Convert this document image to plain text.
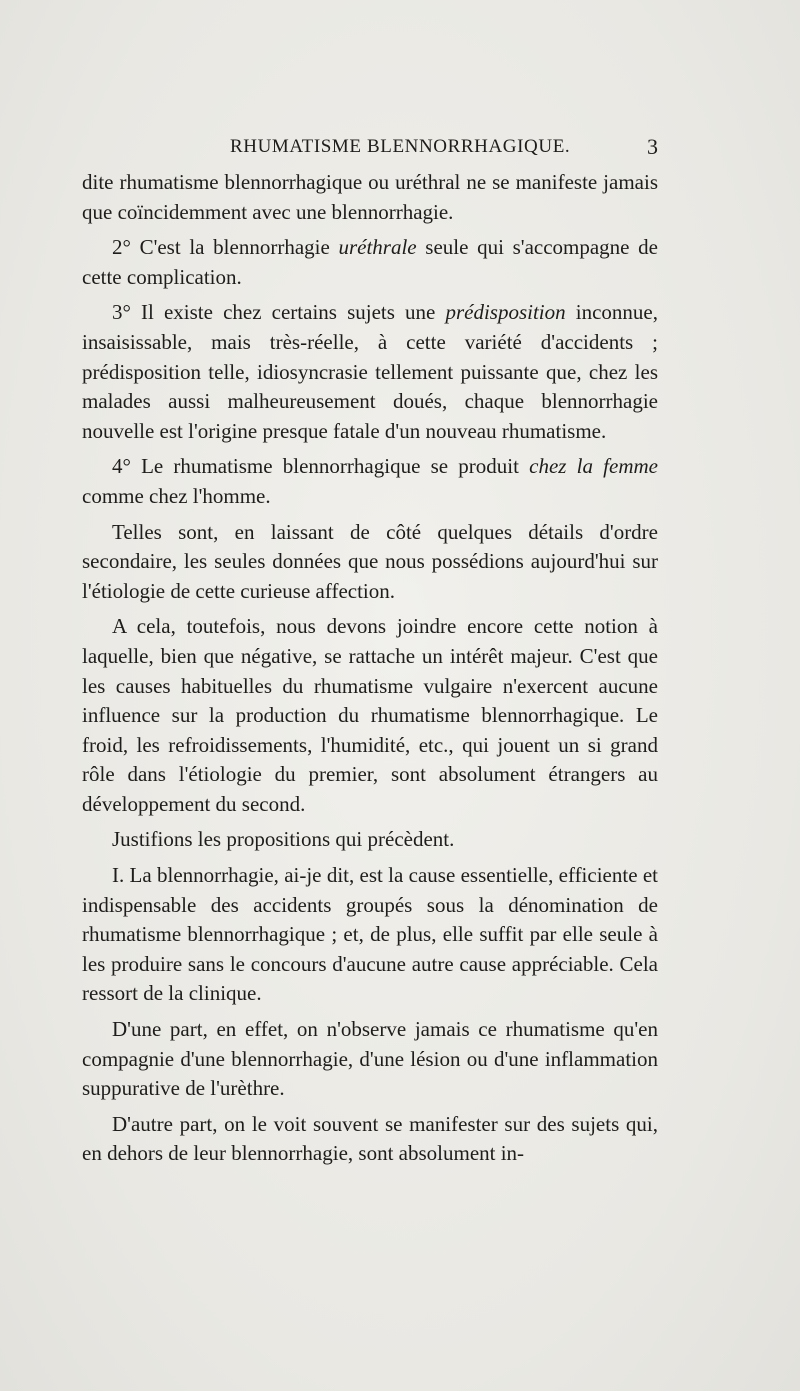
RHUMATISME BLENNORRHAGIQUE.	3

dite rhumatisme blennorrhagique ou uréthral ne se manifeste jamais que coïncidemment avec une blennorrhagie.

2° C'est la blennorrhagie uréthrale seule qui s'accompagne de cette complication.

3° Il existe chez certains sujets une prédisposition inconnue, insaisissable, mais très-réelle, à cette variété d'accidents ; prédisposition telle, idiosyncrasie tellement puissante que, chez les malades aussi malheureusement doués, chaque blennorrhagie nouvelle est l'origine presque fatale d'un nouveau rhumatisme.

4° Le rhumatisme blennorrhagique se produit chez la femme comme chez l'homme.

Telles sont, en laissant de côté quelques détails d'ordre secondaire, les seules données que nous possédions aujourd'hui sur l'étiologie de cette curieuse affection.

A cela, toutefois, nous devons joindre encore cette notion à laquelle, bien que négative, se rattache un intérêt majeur. C'est que les causes habituelles du rhumatisme vulgaire n'exercent aucune influence sur la production du rhumatisme blennorrhagique. Le froid, les refroidissements, l'humidité, etc., qui jouent un si grand rôle dans l'étiologie du premier, sont absolument étrangers au développement du second.

Justifions les propositions qui précèdent.

I. La blennorrhagie, ai-je dit, est la cause essentielle, efficiente et indispensable des accidents groupés sous la dénomination de rhumatisme blennorrhagique ; et, de plus, elle suffit par elle seule à les produire sans le concours d'aucune autre cause appréciable. Cela ressort de la clinique.

D'une part, en effet, on n'observe jamais ce rhumatisme qu'en compagnie d'une blennorrhagie, d'une lésion ou d'une inflammation suppurative de l'urèthre.

D'autre part, on le voit souvent se manifester sur des sujets qui, en dehors de leur blennorrhagie, sont absolument in-
